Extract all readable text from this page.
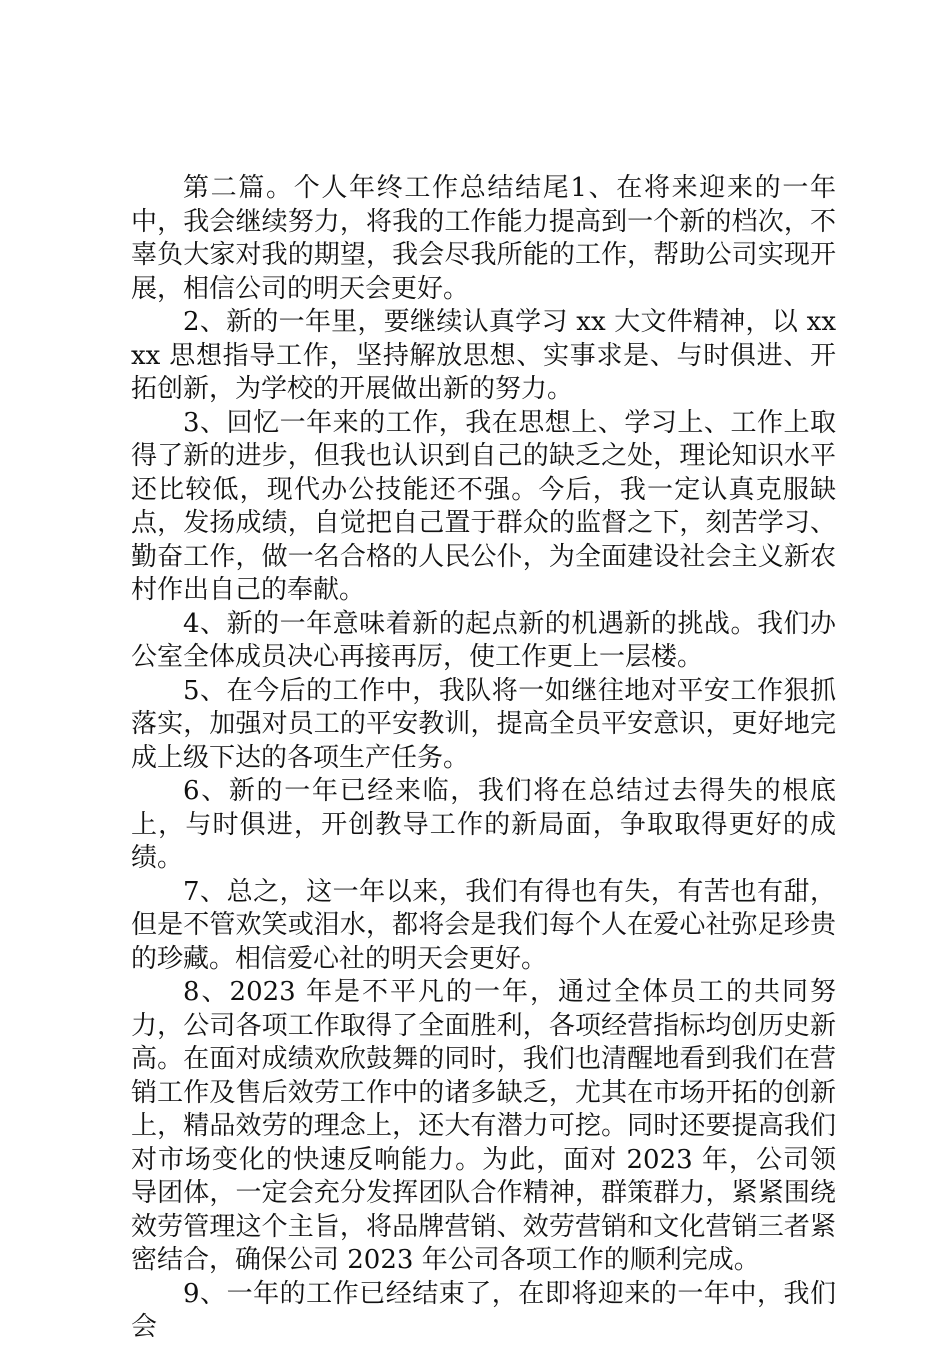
第二篇。个人年终工作总结结尾1、在将来迎来的一年中，我会继续努力，将我的工作能力提高到一个新的档次，不辜负大家对我的期望，我会尽我所能的工作，帮助公司实现开展，相信公司的明天会更好。

2、新的一年里，要继续认真学习 xx 大文件精神，以 xxxx 思想指导工作，坚持解放思想、实事求是、与时俱进、开拓创新，为学校的开展做出新的努力。

3、回忆一年来的工作，我在思想上、学习上、工作上取得了新的进步，但我也认识到自己的缺乏之处，理论知识水平还比较低，现代办公技能还不强。今后，我一定认真克服缺点，发扬成绩，自觉把自己置于群众的监督之下，刻苦学习、勤奋工作，做一名合格的人民公仆，为全面建设社会主义新农村作出自己的奉献。

4、新的一年意味着新的起点新的机遇新的挑战。我们办公室全体成员决心再接再厉，使工作更上一层楼。

5、在今后的工作中，我队将一如继往地对平安工作狠抓落实，加强对员工的平安教训，提高全员平安意识，更好地完成上级下达的各项生产任务。

6、新的一年已经来临，我们将在总结过去得失的根底上，与时俱进，开创教导工作的新局面，争取取得更好的成绩。

7、总之，这一年以来，我们有得也有失，有苦也有甜，但是不管欢笑或泪水，都将会是我们每个人在爱心社弥足珍贵的珍藏。相信爱心社的明天会更好。

8、2023 年是不平凡的一年，通过全体员工的共同努力，公司各项工作取得了全面胜利，各项经营指标均创历史新高。在面对成绩欢欣鼓舞的同时，我们也清醒地看到我们在营销工作及售后效劳工作中的诸多缺乏，尤其在市场开拓的创新上，精品效劳的理念上，还大有潜力可挖。同时还要提高我们对市场变化的快速反响能力。为此，面对 2023 年，公司领导团体，一定会充分发挥团队合作精神，群策群力，紧紧围绕效劳管理这个主旨，将品牌营销、效劳营销和文化营销三者紧密结合，确保公司 2023 年公司各项工作的顺利完成。

9、一年的工作已经结束了，在即将迎来的一年中，我们会
